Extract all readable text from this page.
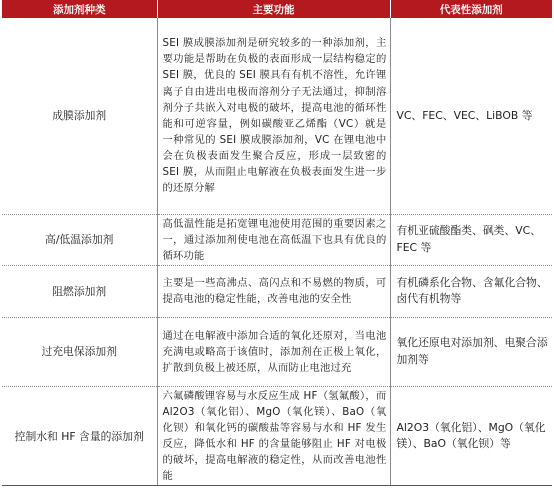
添加剂种类	主要功能	代表性添加剂
成膜添加剂	SEI 膜成膜添加剂是研究较多的一种添加剂，主要功能是帮助在负极的表面形成一层结构稳定的 SEI 膜，优良的 SEI 膜具有有机不溶性，允许锂离子自由进出电极而溶剂分子无法通过，抑制溶剂分子共嵌入对电极的破坏，提高电池的循环性能和可逆容量，例如碳酸亚乙烯酯（VC）就是一种常见的 SEI 膜成膜添加剂，VC 在锂电池中会在负极表面发生聚合反应，形成一层致密的 SEI 膜，从而阻止电解液在负极表面发生进一步的还原分解	VC、FEC、VEC、LiBOB 等
高/低温添加剂	高低温性能是拓宽锂电池使用范围的重要因素之一，通过添加剂使电池在高低温下也具有优良的循环功能	有机亚硫酸酯类、砜类、VC、FEC 等
阻燃添加剂	主要是一些高沸点、高闪点和不易燃的物质，可提高电池的稳定性能，改善电池的安全性	有机磷系化合物、含氟化合物、卤代有机物等
过充电保添加剂	通过在电解液中添加合适的氧化还原对，当电池充满电或略高于该值时，添加剂在正极上氧化，扩散到负极上被还原，从而防止电池过充	氧化还原电对添加剂、电聚合添加剂等
控制水和 HF 含量的添加剂	六氟磷酸锂容易与水反应生成 HF（氢氟酸），而 Al2O3（氧化铝）、MgO（氧化镁）、BaO（氧化钡）和氧化钙的碳酸盐等容易与水和 HF 发生反应，降低水和 HF 的含量能够阻止 HF 对电极的破坏，提高电解液的稳定性，从而改善电池性能	Al2O3（氧化铝）、MgO（氧化镁）、BaO（氧化钡）等
